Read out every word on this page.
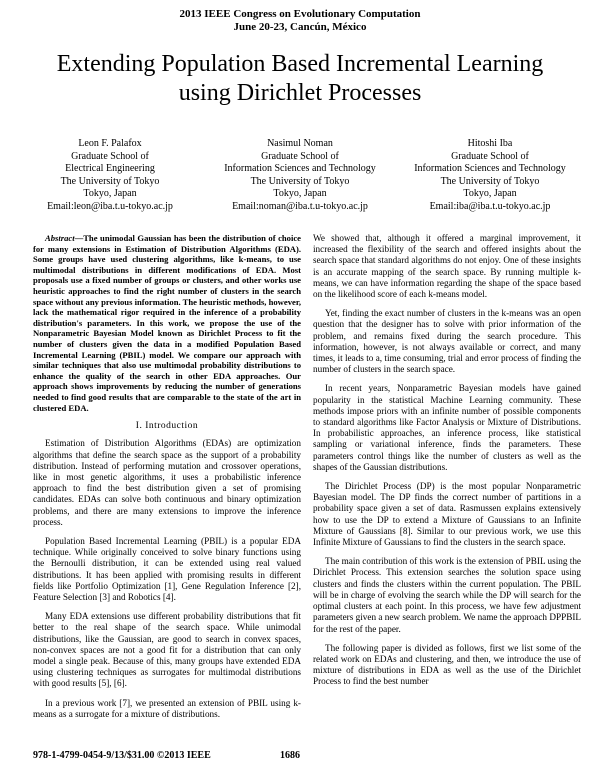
2013 IEEE Congress on Evolutionary Computation
June 20-23, Cancún, México
Extending Population Based Incremental Learning
using Dirichlet Processes
Leon F. Palafox
Graduate School of
Electrical Engineering
The University of Tokyo
Tokyo, Japan
Email:leon@iba.t.u-tokyo.ac.jp
Nasimul Noman
Graduate School of
Information Sciences and Technology
The University of Tokyo
Tokyo, Japan
Email:noman@iba.t.u-tokyo.ac.jp
Hitoshi Iba
Graduate School of
Information Sciences and Technology
The University of Tokyo
Tokyo, Japan
Email:iba@iba.t.u-tokyo.ac.jp

Abstract—The unimodal Gaussian has been the distribution of choice for many extensions in Estimation of Distribution Algorithms (EDA). Some groups have used clustering algorithms, like k-means, to use multimodal distributions in different modifications of EDA. Most proposals use a fixed number of groups or clusters, and other works use heuristic approaches to find the right number of clusters in the search space without any previous information. The heuristic methods, however, lack the mathematical rigor required in the inference of a probability distribution's parameters. In this work, we propose the use of the Nonparametric Bayesian Model known as Dirichlet Process to fit the number of clusters given the data in a modified Population Based Incremental Learning (PBIL) model. We compare our approach with similar techniques that also use multimodal probability distributions to enhance the quality of the search in other EDA approaches. Our approach shows improvements by reducing the number of generations needed to find good results that are comparable to the state of the art in clustered EDA.

I. Introduction

Estimation of Distribution Algorithms (EDAs) are optimization algorithms that define the search space as the support of a probability distribution. Instead of performing mutation and crossover operations, like in most genetic algorithms, it uses a probabilistic inference approach to find the best distribution given a set of promising candidates. EDAs can solve both continuous and binary optimization problems, and there are many extensions to improve the inference process.

Population Based Incremental Learning (PBIL) is a popular EDA technique. While originally conceived to solve binary functions using the Bernoulli distribution, it can be extended using real valued distributions. It has been applied with promising results in different fields like Portfolio Optimization [1], Gene Regulation Inference [2], Feature Selection [3] and Robotics [4].

Many EDA extensions use different probability distributions that fit better to the real shape of the search space. While unimodal distributions, like the Gaussian, are good to search in convex spaces, non-convex spaces are not a good fit for a distribution that can only model a single peak. Because of this, many groups have extended EDA using clustering techniques as surrogates for multimodal distributions with good results [5], [6].

In a previous work [7], we presented an extension of PBIL using k-means as a surrogate for a mixture of distributions.

We showed that, although it offered a marginal improvement, it increased the flexibility of the search and offered insights about the search space that standard algorithms do not enjoy. One of these insights is an accurate mapping of the search space. By running multiple k-means, we can have information regarding the shape of the space based on the likelihood score of each k-means model.

Yet, finding the exact number of clusters in the k-means was an open question that the designer has to solve with prior information of the problem, and remains fixed during the search procedure. This information, however, is not always available or correct, and many times, it leads to a, time consuming, trial and error process of finding the number of clusters in the search space.

In recent years, Nonparametric Bayesian models have gained popularity in the statistical Machine Learning community. These methods impose priors with an infinite number of possible components to standard algorithms like Factor Analysis or Mixture of Distributions. In probabilistic approaches, an inference process, like statistical sampling or variational inference, finds the parameters. These parameters control things like the number of clusters as well as the shapes of the Gaussian distributions.

The Dirichlet Process (DP) is the most popular Nonparametric Bayesian model. The DP finds the correct number of partitions in a probability space given a set of data. Rasmussen explains extensively how to use the DP to extend a Mixture of Gaussians to an Infinite Mixture of Gaussians [8]. Similar to our previous work, we use this Infinite Mixture of Gaussians to find the clusters in the search space.

The main contribution of this work is the extension of PBIL using the Dirichlet Process. This extension searches the solution space using clusters and finds the clusters within the current population. The PBIL will be in charge of evolving the search while the DP will search for the optimal clusters at each point. In this process, we have few adjustment parameters given a new search problem. We name the approach DPPBIL for the rest of the paper.

The following paper is divided as follows, first we list some of the related work on EDAs and clustering, and then, we introduce the use of mixture of distributions in EDA as well as the use of the Dirichlet Process to find the best number

978-1-4799-0454-9/13/$31.00 ©2013 IEEE	1686
